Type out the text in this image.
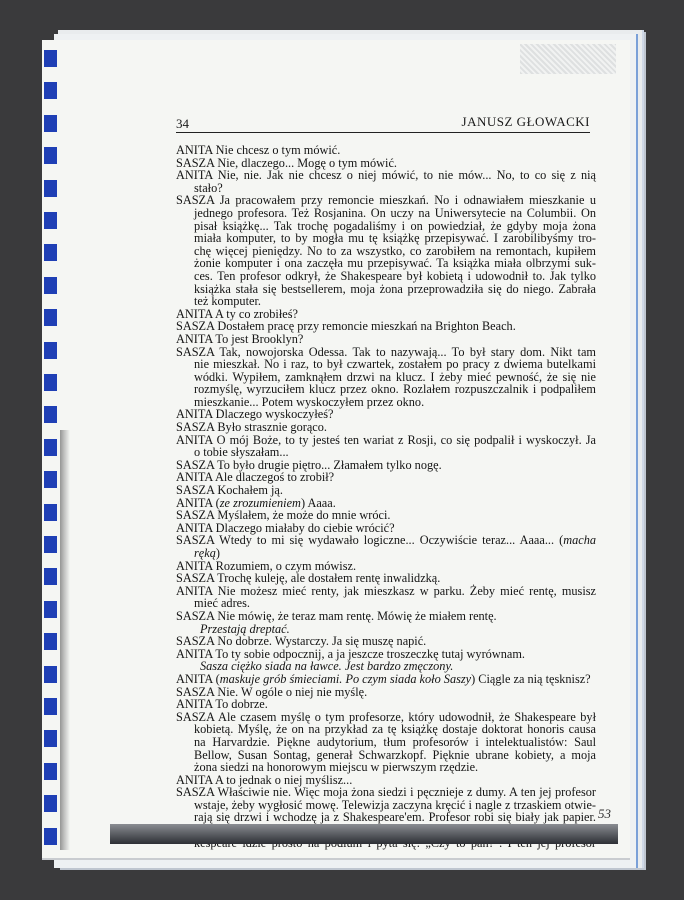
34	JANUSZ GŁOWACKI
ANITA Nie chcesz o tym mówić.
SASZA Nie, dlaczego... Mogę o tym mówić.
ANITA Nie, nie. Jak nie chcesz o niej mówić, to nie mów... No, to co się z nią
stało?
SASZA Ja pracowałem przy remoncie mieszkań. No i odnawiałem mieszkanie u
jednego profesora. Też Rosjanina. On uczy na Uniwersytecie na Columbii. On
pisał książkę... Tak trochę pogadaliśmy i on powiedział, że gdyby moja żona
miała komputer, to by mogła mu tę książkę przepisywać. I zarobilibyśmy tro-
chę więcej pieniędzy. No to za wszystko, co zarobiłem na remontach, kupiłem
żonie komputer i ona zaczęła mu przepisywać. Ta książka miała olbrzymi suk-
ces. Ten profesor odkrył, że Shakespeare był kobietą i udowodnił to. Jak tylko
książka stała się bestsellerem, moja żona przeprowadziła się do niego. Zabrała
też komputer.
ANITA A ty co zrobiłeś?
SASZA Dostałem pracę przy remoncie mieszkań na Brighton Beach.
ANITA To jest Brooklyn?
SASZA Tak, nowojorska Odessa. Tak to nazywają... To był stary dom. Nikt tam
nie mieszkał. No i raz, to był czwartek, zostałem po pracy z dwiema butelkami
wódki. Wypiłem, zamknąłem drzwi na klucz. I żeby mieć pewność, że się nie
rozmyślę, wyrzuciłem klucz przez okno. Rozlałem rozpuszczalnik i podpaliłem
mieszkanie... Potem wyskoczyłem przez okno.
ANITA Dlaczego wyskoczyłeś?
SASZA Było strasznie gorąco.
ANITA O mój Boże, to ty jesteś ten wariat z Rosji, co się podpalił i wyskoczył. Ja
o tobie słyszałam...
SASZA To było drugie piętro... Złamałem tylko nogę.
ANITA Ale dlaczegoś to zrobił?
SASZA Kochałem ją.
ANITA (ze zrozumieniem) Aaaa.
SASZA Myślałem, że może do mnie wróci.
ANITA Dlaczego miałaby do ciebie wrócić?
SASZA Wtedy to mi się wydawało logiczne... Oczywiście teraz... Aaaa... (macha
ręką)
ANITA Rozumiem, o czym mówisz.
SASZA Trochę kuleję, ale dostałem rentę inwalidzką.
ANITA Nie możesz mieć renty, jak mieszkasz w parku. Żeby mieć rentę, musisz
mieć adres.
SASZA Nie mówię, że teraz mam rentę. Mówię że miałem rentę.
Przestają dreptać.
SASZA No dobrze. Wystarczy. Ja się muszę napić.
ANITA To ty sobie odpocznij, a ja jeszcze troszeczkę tutaj wyrównam.
Sasza ciężko siada na ławce. Jest bardzo zmęczony.
ANITA (maskuje grób śmieciami. Po czym siada koło Saszy) Ciągle za nią tęsknisz?
SASZA Nie. W ogóle o niej nie myślę.
ANITA To dobrze.
SASZA Ale czasem myślę o tym profesorze, który udowodnił, że Shakespeare był
kobietą. Myślę, że on na przykład za tę książkę dostaje doktorat honoris causa
na Harvardzie. Piękne audytorium, tłum profesorów i intelektualistów: Saul
Bellow, Susan Sontag, generał Schwarzkopf. Pięknie ubrane kobiety, a moja
żona siedzi na honorowym miejscu w pierwszym rzędzie.
ANITA A to jednak o niej myślisz...
SASZA Właściwie nie. Więc moja żona siedzi i pęcznieje z dumy. A ten jej profesor
wstaje, żeby wygłosić mowę. Telewizja zaczyna kręcić i nagle z trzaskiem otwie-
rają się drzwi i wchodzę ja z Shakespeare'em. Profesor robi się biały jak papier. 53
